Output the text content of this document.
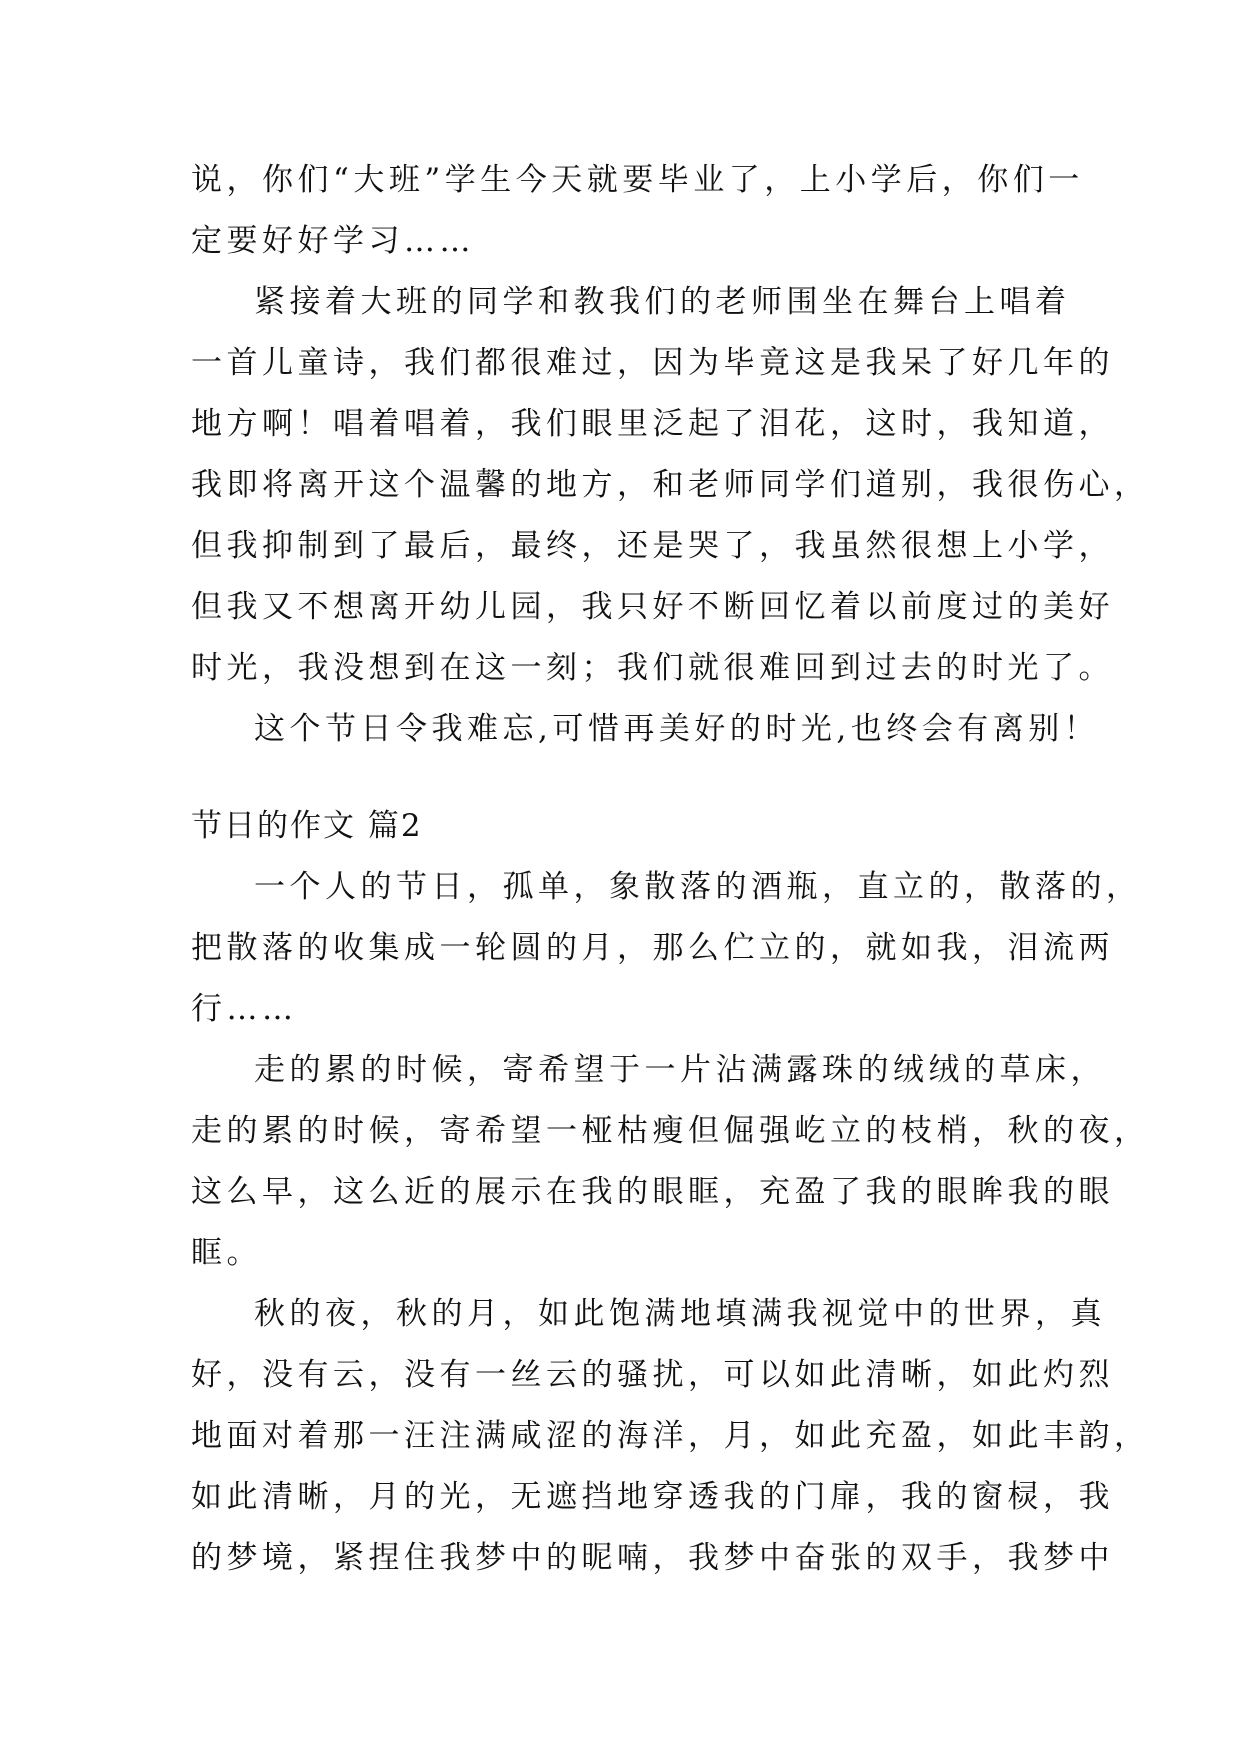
说，你们“大班”学生今天就要毕业了，上小学后，你们一
定要好好学习……
紧接着大班的同学和教我们的老师围坐在舞台上唱着
一首儿童诗，我们都很难过，因为毕竟这是我呆了好几年的
地方啊！唱着唱着，我们眼里泛起了泪花，这时，我知道，
我即将离开这个温馨的地方，和老师同学们道别，我很伤心，
但我抑制到了最后，最终，还是哭了，我虽然很想上小学，
但我又不想离开幼儿园，我只好不断回忆着以前度过的美好
时光，我没想到在这一刻；我们就很难回到过去的时光了。
这个节日令我难忘,可惜再美好的时光,也终会有离别！
节日的作文 篇2
一个人的节日，孤单，象散落的酒瓶，直立的，散落的，
把散落的收集成一轮圆的月，那么伫立的，就如我，泪流两
行……
走的累的时候，寄希望于一片沾满露珠的绒绒的草床，
走的累的时候，寄希望一桠枯瘦但倔强屹立的枝梢，秋的夜，
这么早，这么近的展示在我的眼眶，充盈了我的眼眸我的眼
眶。
秋的夜，秋的月，如此饱满地填满我视觉中的世界，真
好，没有云，没有一丝云的骚扰，可以如此清晰，如此灼烈
地面对着那一汪注满咸涩的海洋，月，如此充盈，如此丰韵，
如此清晰，月的光，无遮挡地穿透我的门扉，我的窗棂，我
的梦境，紧捏住我梦中的昵喃，我梦中奋张的双手，我梦中
